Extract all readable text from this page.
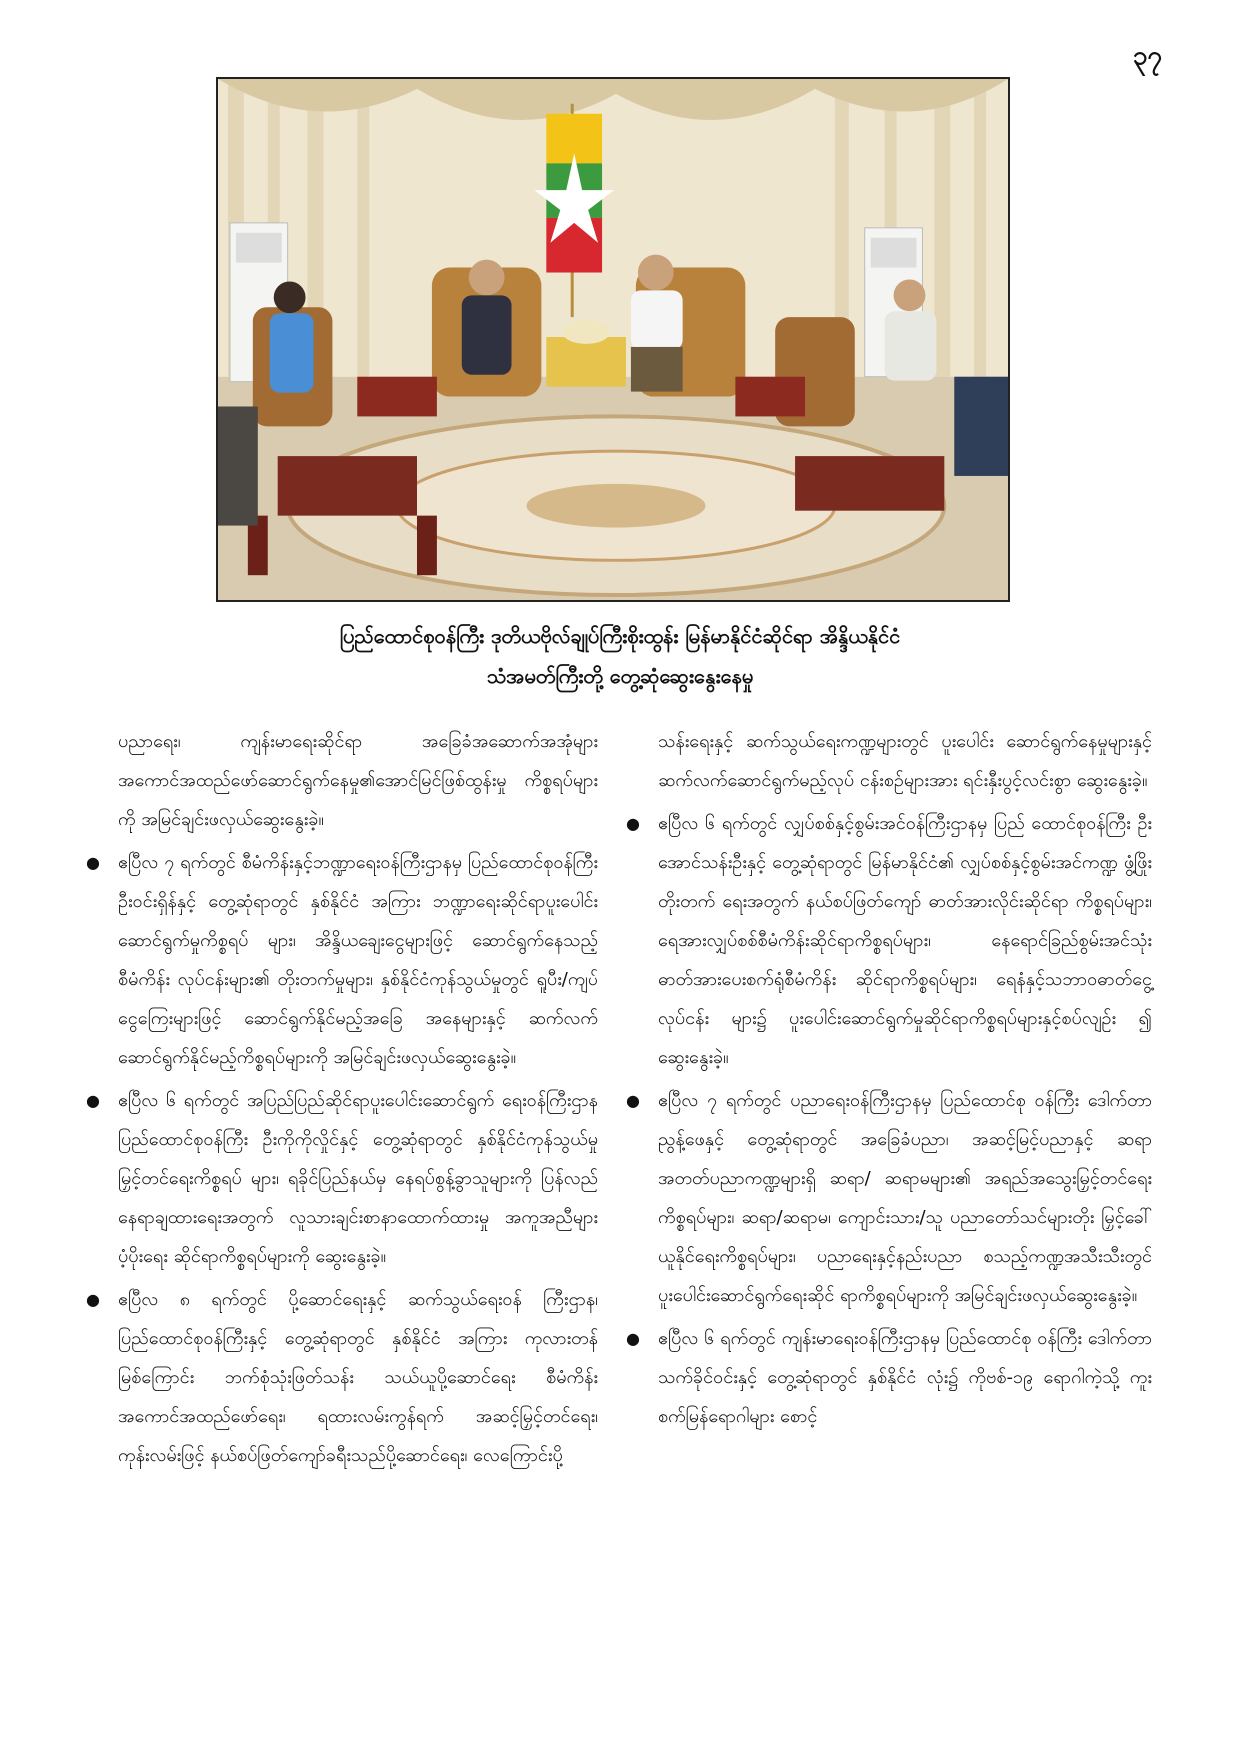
၃၇
ပြည်ထောင်စုဝန်ကြီး ဒုတိယဗိုလ်ချုပ်ကြီးစိုးထွန်း မြန်မာနိုင်ငံဆိုင်ရာ အိန္ဒိယနိုင်ငံ
သံအမတ်ကြီးတို့ တွေ့ဆုံဆွေးနွေးနေမှု

ပညာရေး၊ ကျန်းမာရေးဆိုင်ရာ အခြေခံအဆောက်အအုံများ အကောင်အထည်ဖော်ဆောင်ရွက်နေမှု၏အောင်မြင်ဖြစ်ထွန်းမှု ကိစ္စရပ်များကို အမြင်ချင်းဖလှယ်ဆွေးနွေးခဲ့။

● ဧပြီလ ၇ ရက်တွင် စီမံကိန်းနှင့်ဘဏ္ဍာရေးဝန်ကြီးဌာနမှ ပြည်ထောင်စုဝန်ကြီး ဦးဝင်းရှိန်နှင့် တွေ့ဆုံရာတွင် နှစ်နိုင်ငံ အကြား ဘဏ္ဍာရေးဆိုင်ရာပူးပေါင်း ဆောင်ရွက်မှုကိစ္စရပ် များ၊ အိန္ဒိယချေးငွေများဖြင့် ဆောင်ရွက်နေသည့်စီမံကိန်း လုပ်ငန်းများ၏ တိုးတက်မှုများ၊ နှစ်နိုင်ငံကုန်သွယ်မှုတွင် ရူပီး/ကျပ် ငွေကြေးများဖြင့် ဆောင်ရွက်နိုင်မည့်အခြေ အနေများနှင့် ဆက်လက်ဆောင်ရွက်နိုင်မည့်ကိစ္စရပ်များကို အမြင်ချင်းဖလှယ်ဆွေးနွေးခဲ့။

● ဧပြီလ ၆ ရက်တွင် အပြည်ပြည်ဆိုင်ရာပူးပေါင်းဆောင်ရွက် ရေးဝန်ကြီးဌာန ပြည်ထောင်စုဝန်ကြီး ဦးကိုကိုလှိုင်နှင့် တွေ့ဆုံရာတွင် နှစ်နိုင်ငံကုန်သွယ်မှု မြှင့်တင်ရေးကိစ္စရပ် များ၊ ရခိုင်ပြည်နယ်မှ နေရပ်စွန့်ခွာသူများကို ပြန်လည် နေရာချထားရေးအတွက် လူသားချင်းစာနာထောက်ထားမှု အကူအညီများပံ့ပိုးရေး ဆိုင်ရာကိစ္စရပ်များကို ဆွေးနွေးခဲ့။

● ဧပြီလ ၈ ရက်တွင် ပို့ဆောင်ရေးနှင့် ဆက်သွယ်ရေးဝန် ကြီးဌာန၊ ပြည်ထောင်စုဝန်ကြီးနှင့် တွေ့ဆုံရာတွင် နှစ်နိုင်ငံ အကြား ကုလားတန်မြစ်ကြောင်း ဘက်စုံသုံးဖြတ်သန်း သယ်ယူပို့ဆောင်ရေး စီမံကိန်းအကောင်အထည်ဖော်ရေး၊ ရထားလမ်းကွန်ရက် အဆင့်မြှင့်တင်ရေး၊ ကုန်းလမ်းဖြင့် နယ်စပ်ဖြတ်ကျော်ခရီးသည်ပို့ဆောင်ရေး၊ လေကြောင်းပို့

သန်းရေးနှင့် ဆက်သွယ်ရေးကဏ္ဍများတွင် ပူးပေါင်း ဆောင်ရွက်နေမှုများနှင့် ဆက်လက်ဆောင်ရွက်မည့်လုပ် ငန်းစဉ်များအား ရင်းနှီးပွင့်လင်းစွာ ဆွေးနွေးခဲ့။

● ဧပြီလ ၆ ရက်တွင် လျှပ်စစ်နှင့်စွမ်းအင်ဝန်ကြီးဌာနမှ ပြည် ထောင်စုဝန်ကြီး ဦးအောင်သန်းဦးနှင့် တွေ့ဆုံရာတွင် မြန်မာနိုင်ငံ၏ လျှပ်စစ်နှင့်စွမ်းအင်ကဏ္ဍ ဖွံ့ဖြိုးတိုးတက် ရေးအတွက် နယ်စပ်ဖြတ်ကျော် ဓာတ်အားလိုင်းဆိုင်ရာ ကိစ္စရပ်များ၊ ရေအားလျှပ်စစ်စီမံကိန်းဆိုင်ရာကိစ္စရပ်များ၊ နေရောင်ခြည်စွမ်းအင်သုံး ဓာတ်အားပေးစက်ရုံစီမံကိန်း ဆိုင်ရာကိစ္စရပ်များ၊ ရေနံနှင့်သဘာဝဓာတ်ငွေ့လုပ်ငန်း များ၌ ပူးပေါင်းဆောင်ရွက်မှုဆိုင်ရာကိစ္စရပ်များနှင့်စပ်လျဉ်း ၍ ဆွေးနွေးခဲ့။

● ဧပြီလ ၇ ရက်တွင် ပညာရေးဝန်ကြီးဌာနမှ ပြည်ထောင်စု ဝန်ကြီး ဒေါက်တာညွန့်ဖေနှင့် တွေ့ဆုံရာတွင် အခြေခံပညာ၊ အဆင့်မြင့်ပညာနှင့် ဆရာအတတ်ပညာကဏ္ဍများရှိ ဆရာ/ ဆရာမများ၏ အရည်အသွေးမြှင့်တင်ရေးကိစ္စရပ်များ၊ ဆရာ/ဆရာမ၊ ကျောင်းသား/သူ ပညာတော်သင်များတိုး မြှင့်ခေါ်ယူနိုင်ရေးကိစ္စရပ်များ၊ ပညာရေးနှင့်နည်းပညာ စသည့်ကဏ္ဍအသီးသီးတွင် ပူးပေါင်းဆောင်ရွက်ရေးဆိုင် ရာကိစ္စရပ်များကို အမြင်ချင်းဖလှယ်ဆွေးနွေးခဲ့။

● ဧပြီလ ၆ ရက်တွင် ကျန်းမာရေးဝန်ကြီးဌာနမှ ပြည်ထောင်စု ဝန်ကြီး ဒေါက်တာသက်ခိုင်ဝင်းနှင့် တွေ့ဆုံရာတွင် နှစ်နိုင်ငံ လုံး၌ ကိုဗစ်-၁၉ ရောဂါကဲ့သို့ ကူးစက်မြန်ရောဂါများ စောင့်
